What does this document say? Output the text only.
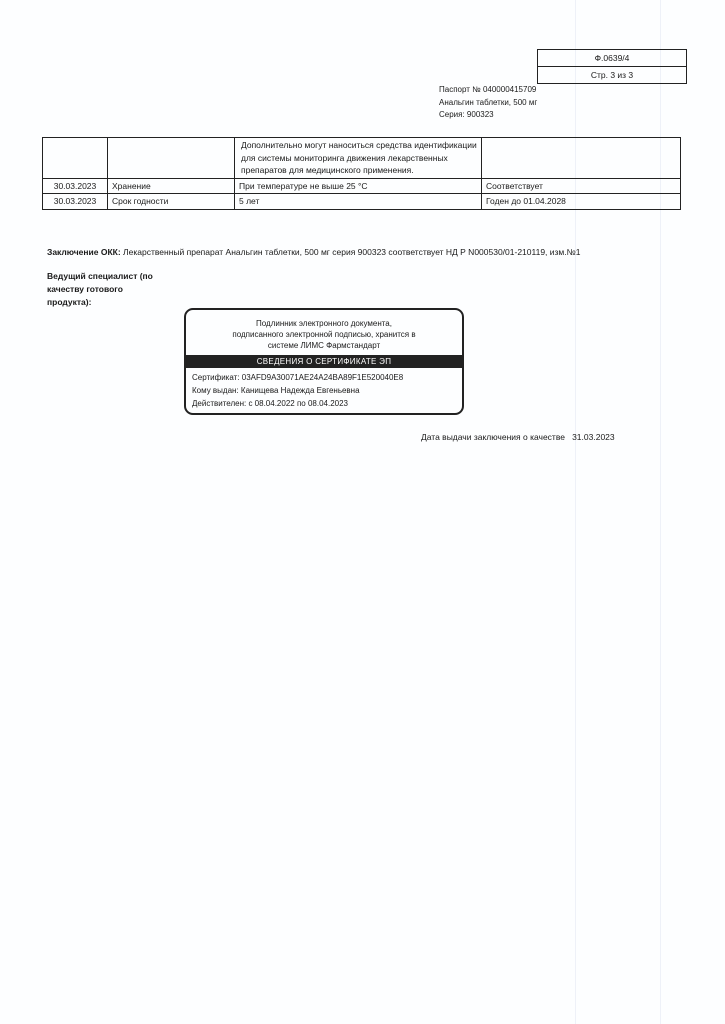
Ф.0639/4
Стр. 3 из 3
Паспорт № 040000415709
Анальгин таблетки, 500 мг
Серия: 900323
		Дополнительно могут наноситься средства идентификации для системы мониторинга движения лекарственных препаратов для медицинского применения.	
30.03.2023	Хранение	При температуре не выше 25 °С	Соответствует
30.03.2023	Срок годности	5 лет	Годен до 01.04.2028
Заключение ОКК: Лекарственный препарат Анальгин таблетки, 500 мг серия 900323 соответствует НД Р N000530/01-210119, изм.№1
Ведущий специалист (по качеству готового продукта):
Подлинник электронного документа,
подписанного электронной подписью, хранится в
системе ЛИМС Фармстандарт
СВЕДЕНИЯ О СЕРТИФИКАТЕ ЭП
Сертификат: 03AFD9A30071AE24A24BA89F1E520040E8
Кому выдан: Канищева Надежда Евгеньевна
Действителен: с 08.04.2022 по 08.04.2023
Дата выдачи заключения о качестве 31.03.2023
